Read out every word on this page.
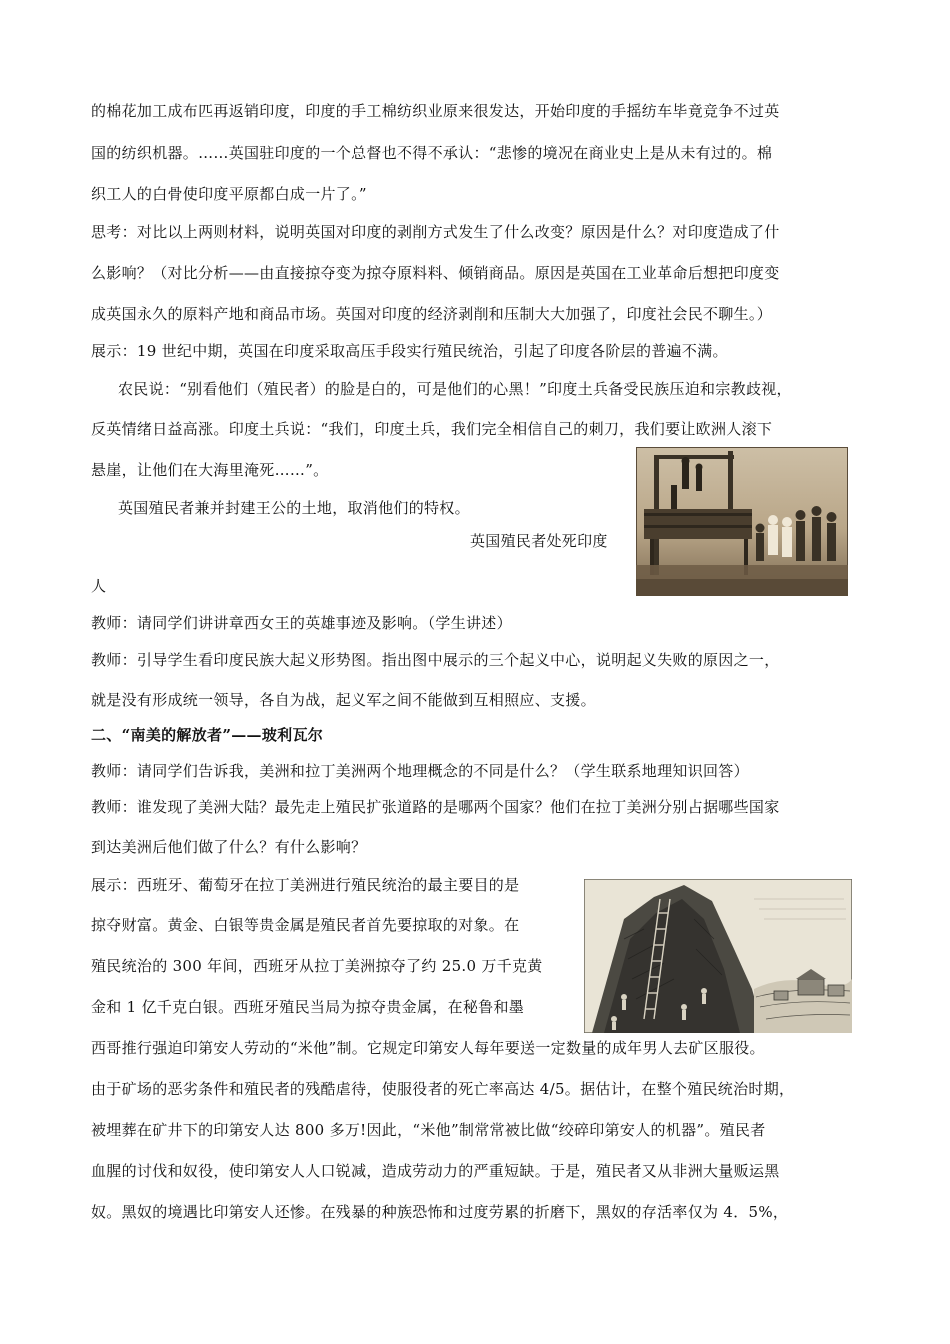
的棉花加工成布匹再返销印度，印度的手工棉纺织业原来很发达，开始印度的手摇纺车毕竟竞争不过英
国的纺织机器。……英国驻印度的一个总督也不得不承认：“悲惨的境况在商业史上是从未有过的。棉
织工人的白骨使印度平原都白成一片了。”
思考：对比以上两则材料，说明英国对印度的剥削方式发生了什么改变？原因是什么？对印度造成了什
么影响？（对比分析——由直接掠夺变为掠夺原料料、倾销商品。原因是英国在工业革命后想把印度变
成英国永久的原料产地和商品市场。英国对印度的经济剥削和压制大大加强了，印度社会民不聊生。）
展示：19 世纪中期，英国在印度采取高压手段实行殖民统治，引起了印度各阶层的普遍不满。
农民说：“别看他们（殖民者）的脸是白的，可是他们的心黑！”印度土兵备受民族压迫和宗教歧视，
反英情绪日益高涨。印度土兵说：“我们，印度土兵，我们完全相信自己的刺刀，我们要让欧洲人滚下
悬崖，让他们在大海里淹死……”。
英国殖民者兼并封建王公的土地，取消他们的特权。
英国殖民者处死印度
人
教师：请同学们讲讲章西女王的英雄事迹及影响。（学生讲述）
教师：引导学生看印度民族大起义形势图。指出图中展示的三个起义中心，说明起义失败的原因之一，
就是没有形成统一领导，各自为战，起义军之间不能做到互相照应、支援。
二、“南美的解放者”——玻利瓦尔
教师：请同学们告诉我，美洲和拉丁美洲两个地理概念的不同是什么？（学生联系地理知识回答）
教师：谁发现了美洲大陆？最先走上殖民扩张道路的是哪两个国家？他们在拉丁美洲分别占据哪些国家
到达美洲后他们做了什么？有什么影响？
展示：西班牙、葡萄牙在拉丁美洲进行殖民统治的最主要目的是
掠夺财富。黄金、白银等贵金属是殖民者首先要掠取的对象。在
殖民统治的 300 年间，西班牙从拉丁美洲掠夺了约 25.0 万千克黄
金和 1 亿千克白银。西班牙殖民当局为掠夺贵金属，在秘鲁和墨
西哥推行强迫印第安人劳动的“米他”制。它规定印第安人每年要送一定数量的成年男人去矿区服役。
由于矿场的恶劣条件和殖民者的残酷虐待，使服役者的死亡率高达 4/5。据估计，在整个殖民统治时期，
被埋葬在矿井下的印第安人达 800 多万!因此，“米他”制常常被比做“绞碎印第安人的机器”。殖民者
血腥的讨伐和奴役，使印第安人人口锐减，造成劳动力的严重短缺。于是，殖民者又从非洲大量贩运黑
奴。黑奴的境遇比印第安人还惨。在残暴的种族恐怖和过度劳累的折磨下，黑奴的存活率仅为 4．5%，
